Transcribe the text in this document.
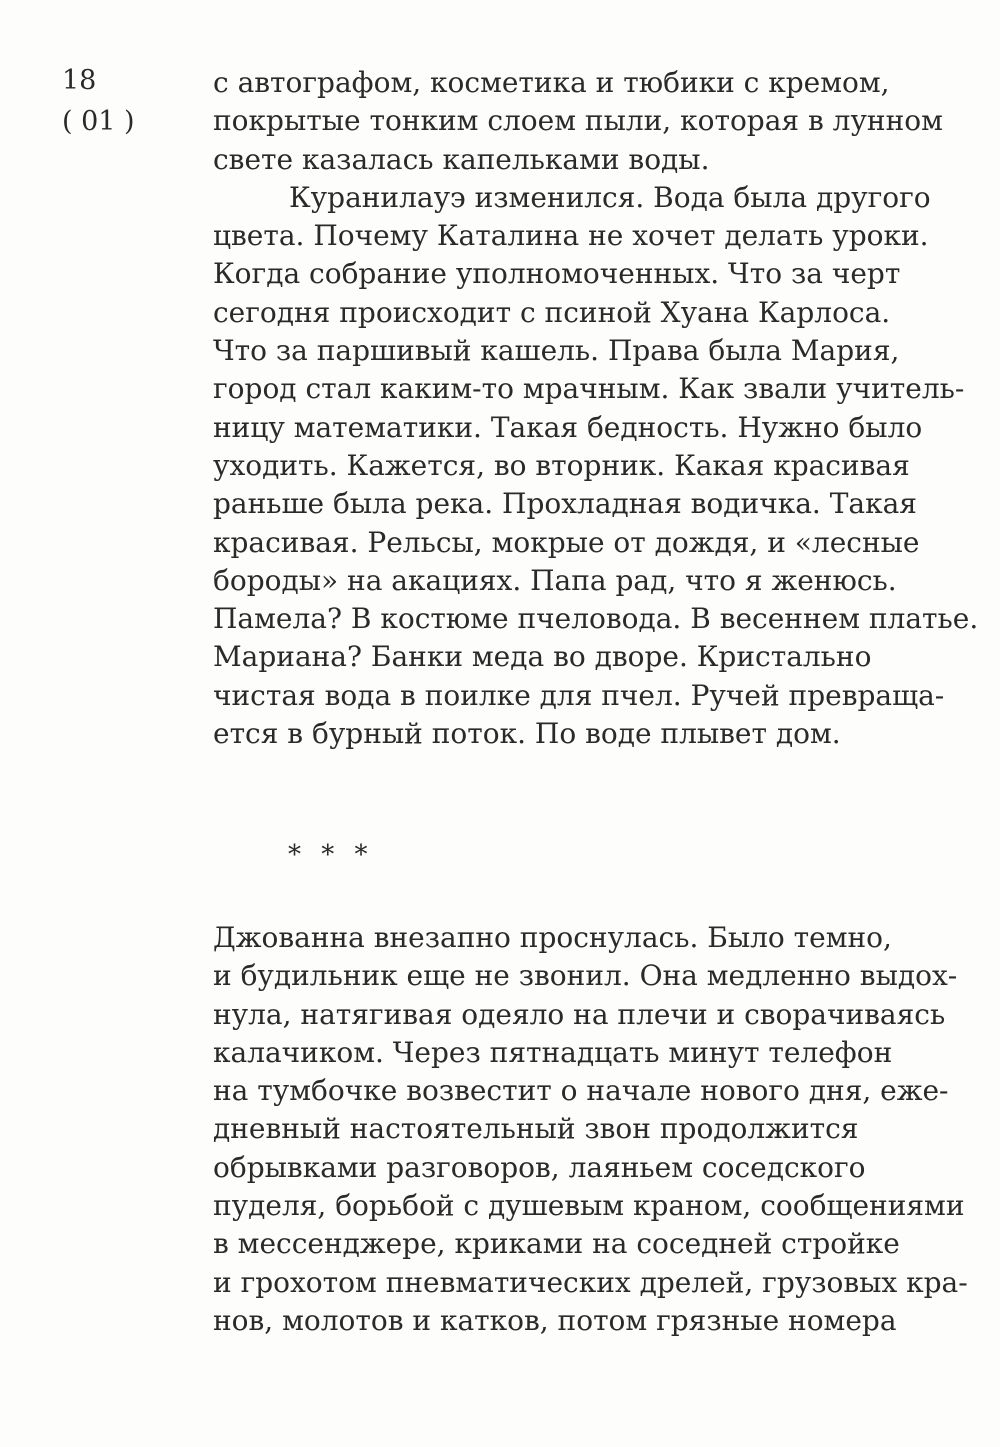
18
( 01 )
с автографом, косметика и тюбики с кремом,
покрытые тонким слоем пыли, которая в лунном
свете казалась капельками воды.
Куранилауэ изменился. Вода была другого
цвета. Почему Каталина не хочет делать уроки.
Когда собрание уполномоченных. Что за черт
сегодня происходит с псиной Хуана Карлоса.
Что за паршивый кашель. Права была Мария,
город стал каким-то мрачным. Как звали учитель-
ницу математики. Такая бедность. Нужно было
уходить. Кажется, во вторник. Какая красивая
раньше была река. Прохладная водичка. Такая
красивая. Рельсы, мокрые от дождя, и «лесные
бороды» на акациях. Папа рад, что я женюсь.
Памела? В костюме пчеловода. В весеннем платье.
Мариана? Банки меда во дворе. Кристально
чистая вода в поилке для пчел. Ручей превраща-
ется в бурный поток. По воде плывет дом.
* * *
Джованна внезапно проснулась. Было темно,
и будильник еще не звонил. Она медленно выдох-
нула, натягивая одеяло на плечи и сворачиваясь
калачиком. Через пятнадцать минут телефон
на тумбочке возвестит о начале нового дня, еже-
дневный настоятельный звон продолжится
обрывками разговоров, лаяньем соседского
пуделя, борьбой с душевым краном, сообщениями
в мессенджере, криками на соседней стройке
и грохотом пневматических дрелей, грузовых кра-
нов, молотов и катков, потом грязные номера
